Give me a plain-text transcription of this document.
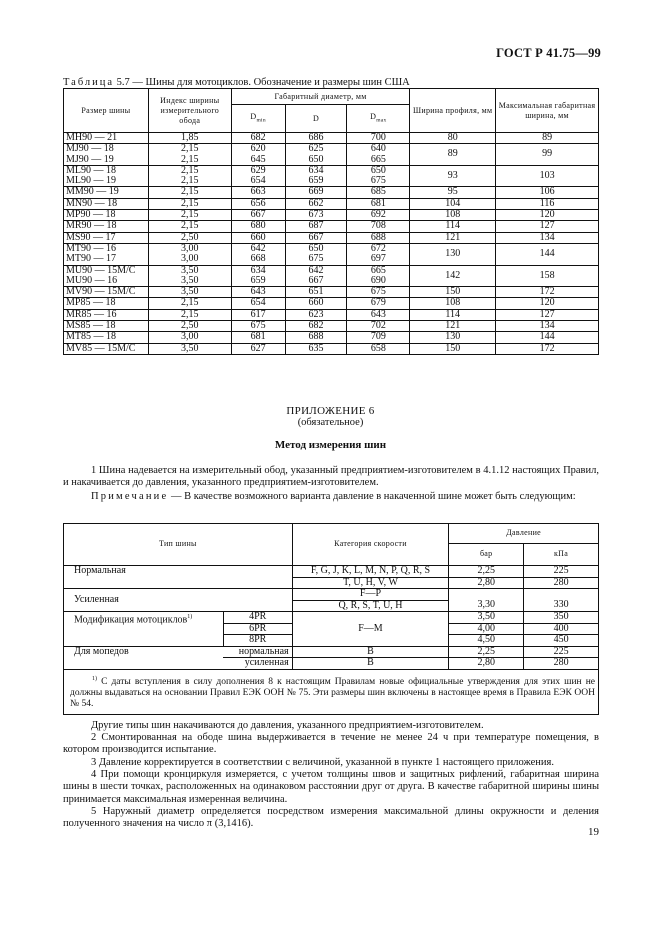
ГОСТ Р 41.75—99
Таблица 5.7 — Шины для мотоциклов. Обозначение и размеры шин США
Размер шины	Индекс ширины измерительного обода	Габаритный диаметр, мм			Ширина профиля, мм	Максимальная габаритная ширина, мм
		$D_{min}$	D	$D_{max}$
MH90 — 21	1,85	682	686	700	80	89
MJ90 — 18	2,15	620	625	640	89	99
MJ90 — 19	2,15	645	650	665		
ML90 — 18	2,15	629	634	650	93	103
ML90 — 19	2,15	654	659	675		
MM90 — 19	2,15	663	669	685	95	106
MN90 — 18	2,15	656	662	681	104	116
MP90 — 18	2,15	667	673	692	108	120
MR90 — 18	2,15	680	687	708	114	127
MS90 — 17	2,50	660	667	688	121	134
MT90 — 16	3,00	642	650	672	130	144
MT90 — 17	3,00	668	675	697		
MU90 — 15M/C	3,50	634	642	665	142	158
MU90 — 16	3,50	659	667	690		
MV90 — 15M/C	3,50	643	651	675	150	172
MP85 — 18	2,15	654	660	679	108	120
MR85 — 16	2,15	617	623	643	114	127
MS85 — 18	2,50	675	682	702	121	134
MT85 — 18	3,00	681	688	709	130	144
MV85 — 15M/C	3,50	627	635	658	150	172
ПРИЛОЖЕНИЕ 6
(обязательное)
Метод измерения шин
1 Шина надевается на измерительный обод, указанный предприятием-изготовителем в 4.1.12 настоящих Правил, и накачивается до давления, указанного предприятием-изготовителем.
Примечание — В качестве возможного варианта давление в накаченной шине может быть следующим:
Тип шины		Категория скорости	Давление	
			бар	кПа
Нормальная		F, G, J, K, L, M, N, P, Q, R, S	2,25	225
		T, U, H, V, W	2,80	280
Усиленная		F—P		
		Q, R, S, T, U, H	3,30	330
Модификация мотоциклов$^{1)}$	4PR	F—M	3,50	350
	6PR		4,00	400
	8PR		4,50	450
Для мопедов	нормальная	B	2,25	225
	усиленная	B	2,80	280
$^{1)}$ С даты вступления в силу дополнения 8 к настоящим Правилам новые официальные утверждения для этих шин не должны выдаваться на основании Правил ЕЭК ООН № 75. Эти размеры шин включены в настоящее время в Правила ЕЭК ООН № 54.				
Другие типы шин накачиваются до давления, указанного предприятием-изготовителем.
2 Смонтированная на ободе шина выдерживается в течение не менее 24 ч при температуре помещения, в котором производится испытание.
3 Давление корректируется в соответствии с величиной, указанной в пункте 1 настоящего приложения.
4 При помощи кронциркуля измеряется, с учетом толщины швов и защитных рифлений, габаритная ширина шины в шести точках, расположенных на одинаковом расстоянии друг от друга. В качестве габаритной ширины шины принимается максимальная измеренная величина.
5 Наружный диаметр определяется посредством измерения максимальной длины окружности и деления полученного значения на число π (3,1416).
19
